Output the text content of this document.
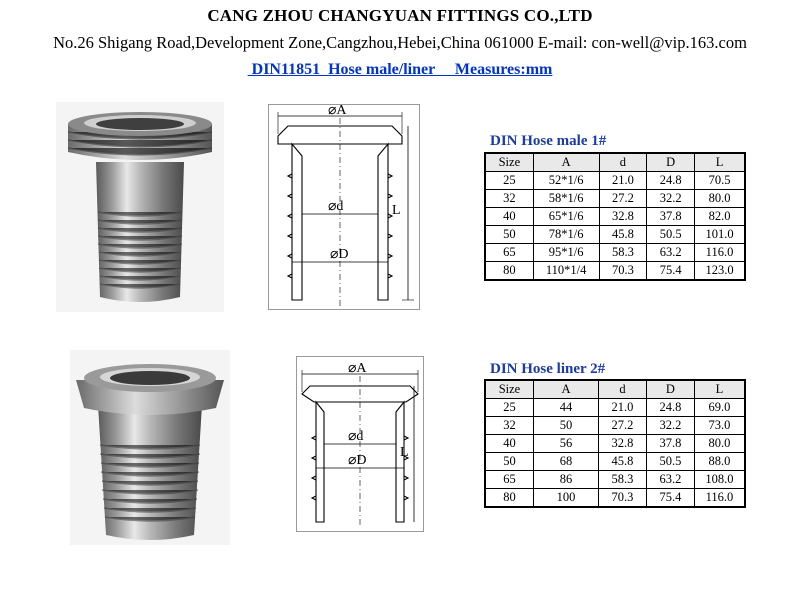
CANG ZHOU CHANGYUAN FITTINGS CO.,LTD
No.26 Shigang Road,Development Zone,Cangzhou,Hebei,China 061000 E-mail: con-well@vip.163.com
DIN11851  Hose male/liner     Measures:mm
⌀A
⌀d
⌀D
L
⌀A
⌀d
⌀D
L
DIN Hose male 1#
Size	A	d	D	L
25	52*1/6	21.0	24.8	70.5
32	58*1/6	27.2	32.2	80.0
40	65*1/6	32.8	37.8	82.0
50	78*1/6	45.8	50.5	101.0
65	95*1/6	58.3	63.2	116.0
80	110*1/4	70.3	75.4	123.0
DIN Hose liner 2#
Size	A	d	D	L
25	44	21.0	24.8	69.0
32	50	27.2	32.2	73.0
40	56	32.8	37.8	80.0
50	68	45.8	50.5	88.0
65	86	58.3	63.2	108.0
80	100	70.3	75.4	116.0
